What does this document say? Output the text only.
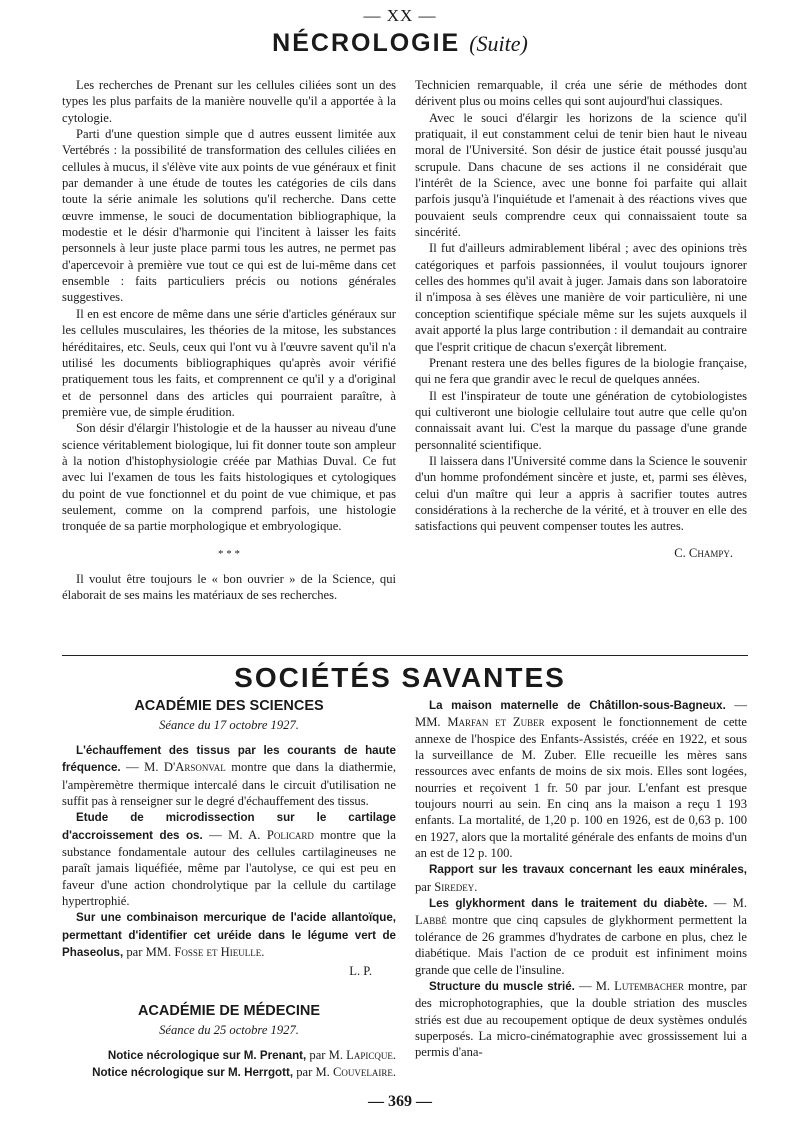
— XX —
NÉCROLOGIE (Suite)

Les recherches de Prenant sur les cellules ciliées sont un des types les plus parfaits de la manière nouvelle qu'il a apportée à la cytologie.

Parti d'une question simple que d autres eussent limitée aux Vertébrés : la possibilité de transformation des cellules ciliées en cellules à mucus, il s'élève vite aux points de vue généraux et finit par demander à une étude de toutes les catégories de cils dans toute la série animale les solutions qu'il recherche. Dans cette œuvre immense, le souci de documentation bibliographique, la modestie et le désir d'harmonie qui l'incitent à laisser les faits personnels à leur juste place parmi tous les autres, ne permet pas d'apercevoir à première vue tout ce qui est de lui-même dans cet ensemble : faits particuliers précis ou notions générales suggestives.

Il en est encore de même dans une série d'articles généraux sur les cellules musculaires, les théories de la mitose, les substances héréditaires, etc. Seuls, ceux qui l'ont vu à l'œuvre savent qu'il n'a utilisé les documents bibliographiques qu'après avoir vérifié pratiquement tous les faits, et comprennent ce qu'il y a d'original et de personnel dans des articles qui pourraient paraître, à première vue, de simple érudition.

Son désir d'élargir l'histologie et de la hausser au niveau d'une science véritablement biologique, lui fit donner toute son ampleur à la notion d'histophysiologie créée par Mathias Duval. Ce fut avec lui l'examen de tous les faits histologiques et cytologiques du point de vue fonctionnel et du point de vue chimique, et pas seulement, comme on la comprend parfois, une histologie tronquée de sa partie morphologique et embryologique.

* * *

Il voulut être toujours le « bon ouvrier » de la Science, qui élaborait de ses mains les matériaux de ses recherches.

Technicien remarquable, il créa une série de méthodes dont dérivent plus ou moins celles qui sont aujourd'hui classiques.

Avec le souci d'élargir les horizons de la science qu'il pratiquait, il eut constamment celui de tenir bien haut le niveau moral de l'Université. Son désir de justice était poussé jusqu'au scrupule. Dans chacune de ses actions il ne considérait que l'intérêt de la Science, avec une bonne foi parfaite qui allait parfois jusqu'à l'inquiétude et l'amenait à des réactions vives que pouvaient seuls comprendre ceux qui connaissaient toute sa sincérité.

Il fut d'ailleurs admirablement libéral ; avec des opinions très catégoriques et parfois passionnées, il voulut toujours ignorer celles des hommes qu'il avait à juger. Jamais dans son laboratoire il n'imposa à ses élèves une manière de voir particulière, ni une conception scientifique spéciale même sur les sujets auxquels il avait apporté la plus large contribution : il demandait au contraire que l'esprit critique de chacun s'exerçât librement.

Prenant restera une des belles figures de la biologie française, qui ne fera que grandir avec le recul de quelques années.

Il est l'inspirateur de toute une génération de cytobiologistes qui cultiveront une biologie cellulaire tout autre que celle qu'on connaissait avant lui. C'est la marque du passage d'une grande personnalité scientifique.

Il laissera dans l'Université comme dans la Science le souvenir d'un homme profondément sincère et juste, et, parmi ses élèves, celui d'un maître qui leur a appris à sacrifier toutes autres considérations à la recherche de la vérité, et à trouver en elle des satisfactions qui peuvent compenser toutes les autres.

C. Champy.
SOCIÉTÉS SAVANTES
ACADÉMIE DES SCIENCES
Séance du 17 octobre 1927.

L'échauffement des tissus par les courants de haute fréquence. — M. D'Arsonval montre que dans la diathermie, l'ampèremètre thermique intercalé dans le circuit d'utilisation ne suffit pas à renseigner sur le degré d'échauffement des tissus.

Etude de microdissection sur le cartilage d'accroissement des os. — M. A. Policard montre que la substance fondamentale autour des cellules cartilagineuses ne paraît jamais liquéfiée, même par l'autolyse, ce qui est peu en faveur d'une action chondrolytique par la cellule du cartilage hypertrophié.

Sur une combinaison mercurique de l'acide allantoïque, permettant d'identifier cet uréide dans le légume vert de Phaseolus, par MM. Fosse et Hieulle.

L. P.
ACADÉMIE DE MÉDECINE
Séance du 25 octobre 1927.

Notice nécrologique sur M. Prenant, par M. Lapicque.

Notice nécrologique sur M. Herrgott, par M. Couvelaire.

La maison maternelle de Châtillon-sous-Bagneux. — MM. Marfan et Zuber exposent le fonctionnement de cette annexe de l'hospice des Enfants-Assistés, créée en 1922, et sous la surveillance de M. Zuber. Elle recueille les mères sans ressources avec enfants de moins de six mois. Elles sont logées, nourries et reçoivent 1 fr. 50 par jour. L'enfant est presque toujours nourri au sein. En cinq ans la maison a reçu 1 193 enfants. La mortalité, de 1,20 p. 100 en 1926, est de 0,63 p. 100 en 1927, alors que la mortalité générale des enfants de moins d'un an est de 12 p. 100.

Rapport sur les travaux concernant les eaux minérales, par Siredey.

Les glykhorment dans le traitement du diabète. — M. Labbé montre que cinq capsules de glykhorment permettent la tolérance de 26 grammes d'hydrates de carbone en plus, chez le diabétique. Mais l'action de ce produit est infiniment moins grande que celle de l'insuline.

Structure du muscle strié. — M. Lutembacher montre, par des microphotographies, que la double striation des muscles striés est due au recoupement optique de deux systèmes ondulés superposés. La micro-cinématographie avec grossissement lui a permis d'ana-

— 369 —
